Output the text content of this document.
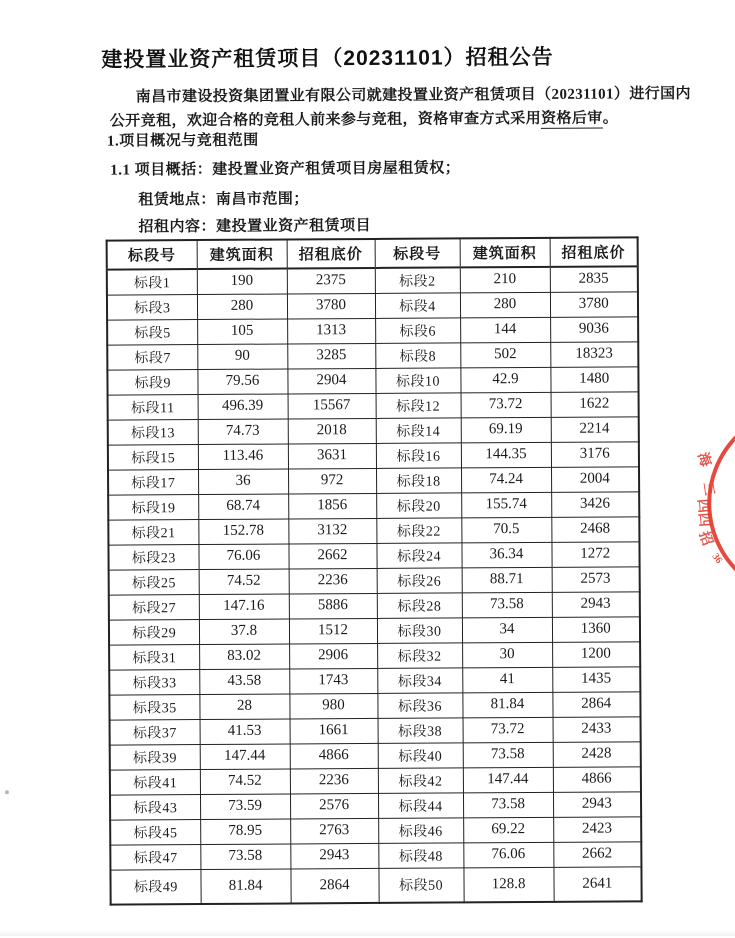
建投置业资产租赁项目（20231101）招租公告
南昌市建设投资集团置业有限公司就建投置业资产租赁项目（20231101）进行国内
公开竞租，欢迎合格的竞租人前来参与竞租，资格审查方式采用资格后审。
1.项目概况与竞租范围
1.1 项目概括：建投置业资产租赁项目房屋租赁权；
租赁地点：南昌市范围；
招租内容：建投置业资产租赁项目
标段号	建筑面积	招租底价	标段号	建筑面积	招租底价
标段1	190	2375	标段2	210	2835
标段3	280	3780	标段4	280	3780
标段5	105	1313	标段6	144	9036
标段7	90	3285	标段8	502	18323
标段9	79.56	2904	标段10	42.9	1480
标段11	496.39	15567	标段12	73.72	1622
标段13	74.73	2018	标段14	69.19	2214
标段15	113.46	3631	标段16	144.35	3176
标段17	36	972	标段18	74.24	2004
标段19	68.74	1856	标段20	155.74	3426
标段21	152.78	3132	标段22	70.5	2468
标段23	76.06	2662	标段24	36.34	1272
标段25	74.52	2236	标段26	88.71	2573
标段27	147.16	5886	标段28	73.58	2943
标段29	37.8	1512	标段30	34	1360
标段31	83.02	2906	标段32	30	1200
标段33	43.58	1743	标段34	41	1435
标段35	28	980	标段36	81.84	2864
标段37	41.53	1661	标段38	73.72	2433
标段39	147.44	4866	标段40	73.58	2428
标段41	74.52	2236	标段42	147.44	4866
标段43	73.59	2576	标段44	73.58	2943
标段45	78.95	2763	标段46	69.22	2423
标段47	73.58	2943	标段48	76.06	2662
标段49	81.84	2864	标段50	128.8	2641
海
三
四四
招
36
